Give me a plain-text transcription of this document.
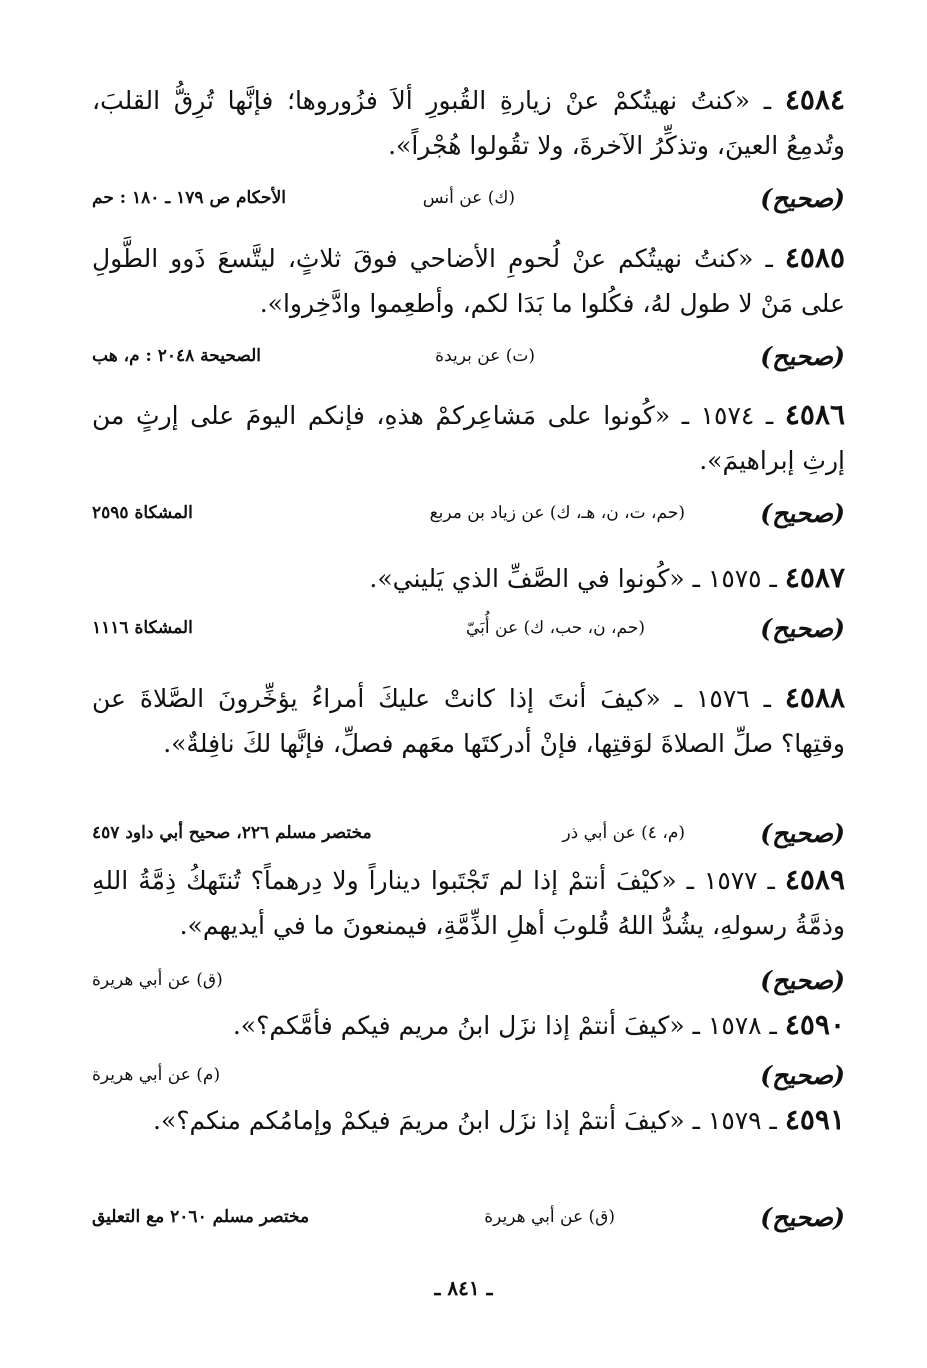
٤٥٨٤ ـ «كنتُ نهيتُكمْ عنْ زيارةِ القُبورِ ألاَ فزُوروها؛ فإنَّها تُرِقُّ القلبَ، وتُدمِعُ العينَ، وتذكِّرُ الآخرةَ، ولا تقُولوا هُجْراً».
(صحيح)
(ك) عن أنس
الأحكام ص ١٧٩ ـ ١٨٠ : حم
٤٥٨٥ ـ «كنتُ نهيتُكم عنْ لُحومِ الأضاحي فوقَ ثلاثٍ، ليتَّسعَ ذَوو الطَّولِ على مَنْ لا طول لهُ، فكُلوا ما بَدَا لكم، وأطعِموا وادَّخِروا».
(صحيح)
(ت) عن بريدة
الصحيحة ٢٠٤٨ : م، هب
٤٥٨٦ ـ ١٥٧٤ ـ «كُونوا على مَشاعِركمْ هذهِ، فإنكم اليومَ على إرثٍ من إرثِ إبراهيمَ».
(صحيح)
(حم، ت، ن، هـ، ك) عن زياد بن مربع
المشكاة ٢٥٩٥
٤٥٨٧ ـ ١٥٧٥ ـ «كُونوا في الصَّفِّ الذي يَليني».
(صحيح)
(حم، ن، حب، ك) عن أُبَيّ
المشكاة ١١١٦
٤٥٨٨ ـ ١٥٧٦ ـ «كيفَ أنتَ إذا كانتْ عليكَ أمراءُ يؤخِّرونَ الصَّلاةَ عن وقتِها؟ صلِّ الصلاةَ لوَقتِها، فإنْ أدركتَها معَهم فصلِّ، فإنَّها لكَ نافِلةٌ».
(صحيح)
(م، ٤) عن أبي ذر
مختصر مسلم ٢٢٦، صحيح أبي داود ٤٥٧
٤٥٨٩ ـ ١٥٧٧ ـ «كيْفَ أنتمْ إذا لم تَجْتَبوا ديناراً ولا دِرهماً؟ تُنتَهكُ ذِمَّةُ اللهِ وذمَّةُ رسولهِ، يشُدُّ اللهُ قُلوبَ أهلِ الذِّمَّةِ، فيمنعونَ ما في أيديهم».
(صحيح)
(ق) عن أبي هريرة
٤٥٩٠ ـ ١٥٧٨ ـ «كيفَ أنتمْ إذا نزَل ابنُ مريم فيكم فأمَّكم؟».
(صحيح)
(م) عن أبي هريرة
٤٥٩١ ـ ١٥٧٩ ـ «كيفَ أنتمْ إذا نزَل ابنُ مريمَ فيكمْ وإمامُكم منكم؟».
(صحيح)
(ق) عن أبي هريرة
مختصر مسلم ٢٠٦٠ مع التعليق
ـ ٨٤١ ـ
